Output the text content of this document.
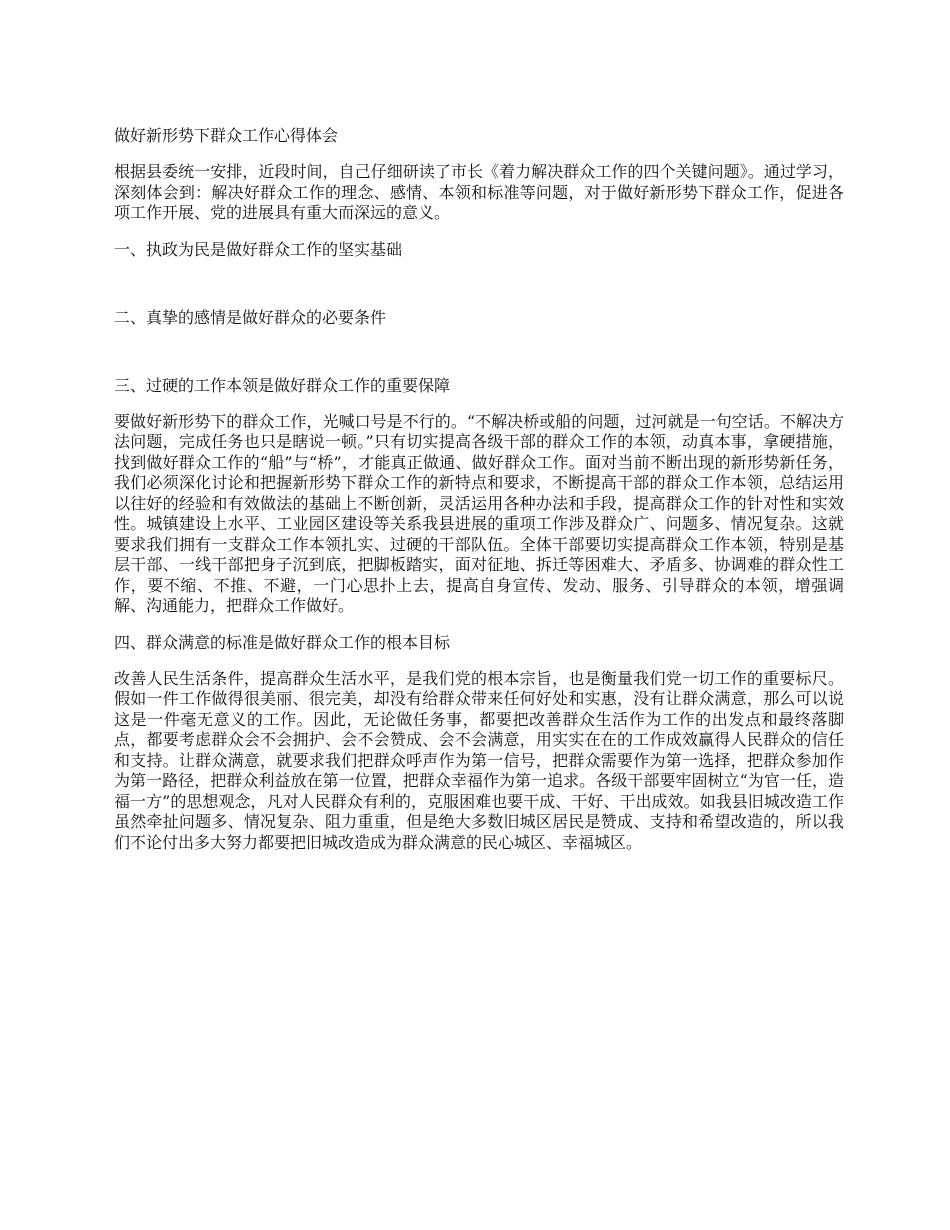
做好新形势下群众工作心得体会
根据县委统一安排，近段时间，自己仔细研读了市长《着力解决群众工作的四个关键问题》。通过学习，深刻体会到：解决好群众工作的理念、感情、本领和标准等问题，对于做好新形势下群众工作，促进各项工作开展、党的进展具有重大而深远的意义。
一、执政为民是做好群众工作的坚实基础
二、真挚的感情是做好群众的必要条件
三、过硬的工作本领是做好群众工作的重要保障
要做好新形势下的群众工作，光喊口号是不行的。“不解决桥或船的问题，过河就是一句空话。不解决方法问题，完成任务也只是瞎说一顿。”只有切实提高各级干部的群众工作的本领，动真本事，拿硬措施，找到做好群众工作的“船”与“桥”，才能真正做通、做好群众工作。面对当前不断出现的新形势新任务，我们必须深化讨论和把握新形势下群众工作的新特点和要求，不断提高干部的群众工作本领，总结运用以往好的经验和有效做法的基础上不断创新，灵活运用各种办法和手段，提高群众工作的针对性和实效性。城镇建设上水平、工业园区建设等关系我县进展的重项工作涉及群众广、问题多、情况复杂。这就要求我们拥有一支群众工作本领扎实、过硬的干部队伍。全体干部要切实提高群众工作本领，特别是基层干部、一线干部把身子沉到底，把脚板踏实，面对征地、拆迁等困难大、矛盾多、协调难的群众性工作，要不缩、不推、不避，一门心思扑上去，提高自身宣传、发动、服务、引导群众的本领，增强调解、沟通能力，把群众工作做好。
四、群众满意的标准是做好群众工作的根本目标
改善人民生活条件，提高群众生活水平，是我们党的根本宗旨，也是衡量我们党一切工作的重要标尺。假如一件工作做得很美丽、很完美，却没有给群众带来任何好处和实惠，没有让群众满意，那么可以说这是一件毫无意义的工作。因此，无论做任务事，都要把改善群众生活作为工作的出发点和最终落脚点，都要考虑群众会不会拥护、会不会赞成、会不会满意，用实实在在的工作成效赢得人民群众的信任和支持。让群众满意，就要求我们把群众呼声作为第一信号，把群众需要作为第一选择，把群众参加作为第一路径，把群众利益放在第一位置，把群众幸福作为第一追求。各级干部要牢固树立“为官一任，造福一方”的思想观念，凡对人民群众有利的，克服困难也要干成、干好、干出成效。如我县旧城改造工作虽然牵扯问题多、情况复杂、阻力重重，但是绝大多数旧城区居民是赞成、支持和希望改造的，所以我们不论付出多大努力都要把旧城改造成为群众满意的民心城区、幸福城区。
